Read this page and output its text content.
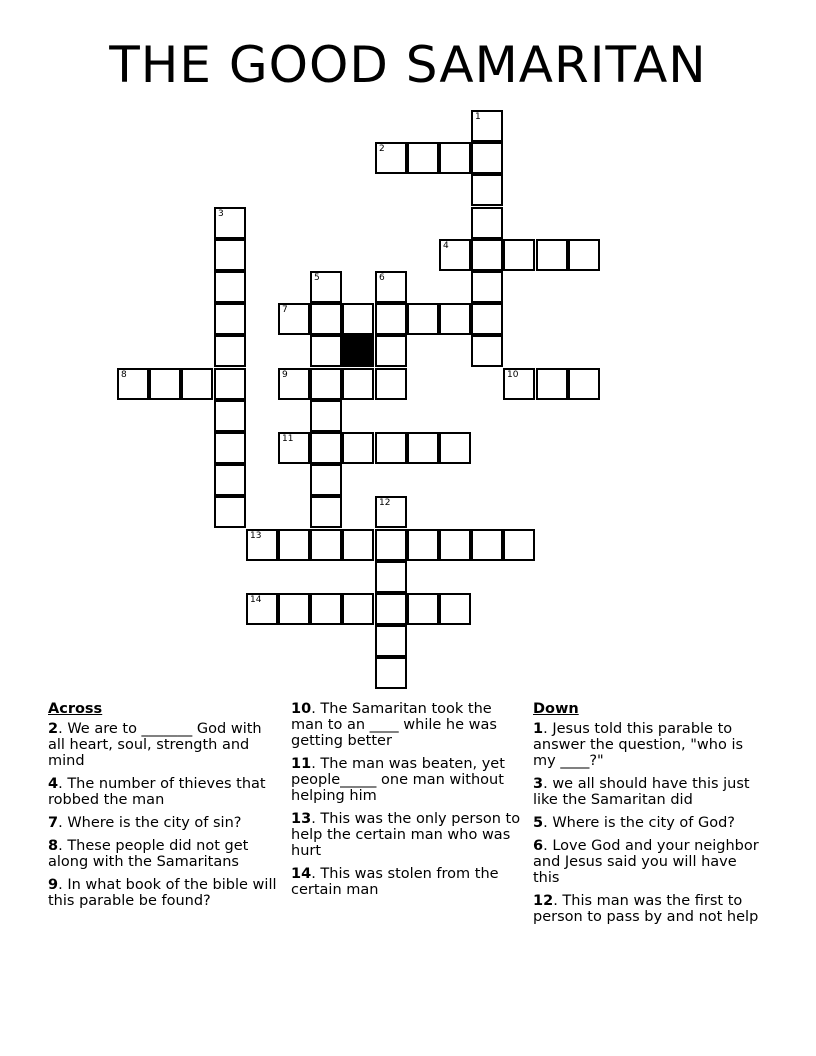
THE GOOD SAMARITAN
1
2
3
4
5	6
7
8	9	10
11
12
13
14
Across
2. We are to _______ God with all heart, soul, strength and mind
4. The number of thieves that robbed the man
7. Where is the city of sin?
8. These people did not get along with the Samaritans
9. In what book of the bible will this parable be found?
10. The Samaritan took the man to an ____ while he was getting better
11. The man was beaten, yet people_____ one man without helping him
13. This was the only person to help the certain man who was hurt
14. This was stolen from the certain man
Down
1. Jesus told this parable to answer the question, "who is my ____?"
3. we all should have this just like the Samaritan did
5. Where is the city of God?
6. Love God and your neighbor and Jesus said you will have this
12. This man was the first to person to pass by and not help
